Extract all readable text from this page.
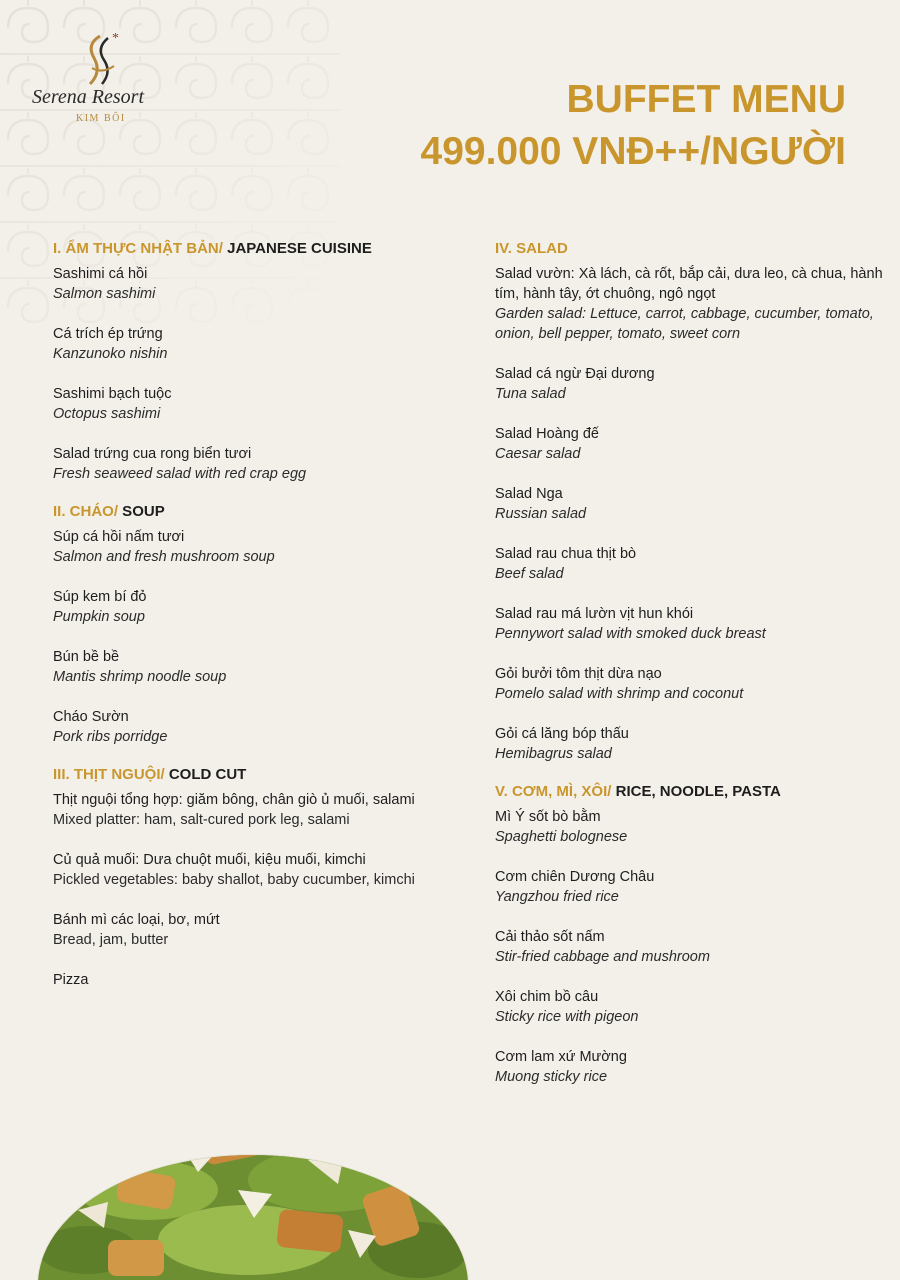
*
Serena Resort
KIM BÔI	BUFFET MENU
499.000 VNĐ++/NGƯỜI
I. ẨM THỰC NHẬT BẢN/ JAPANESE CUISINE
Sashimi cá hồi
Salmon sashimi
Cá trích ép trứng
Kanzunoko nishin
Sashimi bạch tuộc
Octopus sashimi
Salad trứng cua rong biển tươi
Fresh seaweed salad with red crap egg
II. CHÁO/ SOUP
Súp cá hồi nấm tươi
Salmon and fresh mushroom soup
Súp kem bí đỏ
Pumpkin soup
Bún bề bề
Mantis shrimp noodle soup
Cháo Sườn
Pork ribs porridge
III. THỊT NGUỘI/ COLD CUT
Thịt nguội tổng hợp: giăm bông, chân giò ủ muối, salami
Mixed platter: ham, salt-cured pork leg, salami
Củ quả muối: Dưa chuột muối, kiệu muối, kimchi
Pickled vegetables: baby shallot, baby cucumber, kimchi
Bánh mì các loại, bơ, mứt
Bread, jam, butter
Pizza
IV. SALAD
Salad vườn: Xà lách, cà rốt, bắp cải, dưa leo, cà chua, hành tím, hành tây, ớt chuông, ngô ngọt
Garden salad: Lettuce, carrot, cabbage, cucumber, tomato, onion, bell pepper, tomato, sweet corn
Salad cá ngừ Đại dương
Tuna salad
Salad Hoàng đế
Caesar salad
Salad Nga
Russian salad
Salad rau chua thịt bò
Beef salad
Salad rau má lườn vịt hun khói
Pennywort salad with smoked duck breast
Gỏi bưởi tôm thịt dừa nạo
Pomelo salad with shrimp and coconut
Gỏi cá lăng bóp thấu
Hemibagrus salad
V. CƠM, MÌ, XÔI/ RICE, NOODLE, PASTA
Mì Ý sốt bò bằm
Spaghetti bolognese
Cơm chiên Dương Châu
Yangzhou fried rice
Cải thảo sốt nấm
Stir-fried cabbage and mushroom
Xôi chim bồ câu
Sticky rice with pigeon
Cơm lam xứ Mường
Muong sticky rice
